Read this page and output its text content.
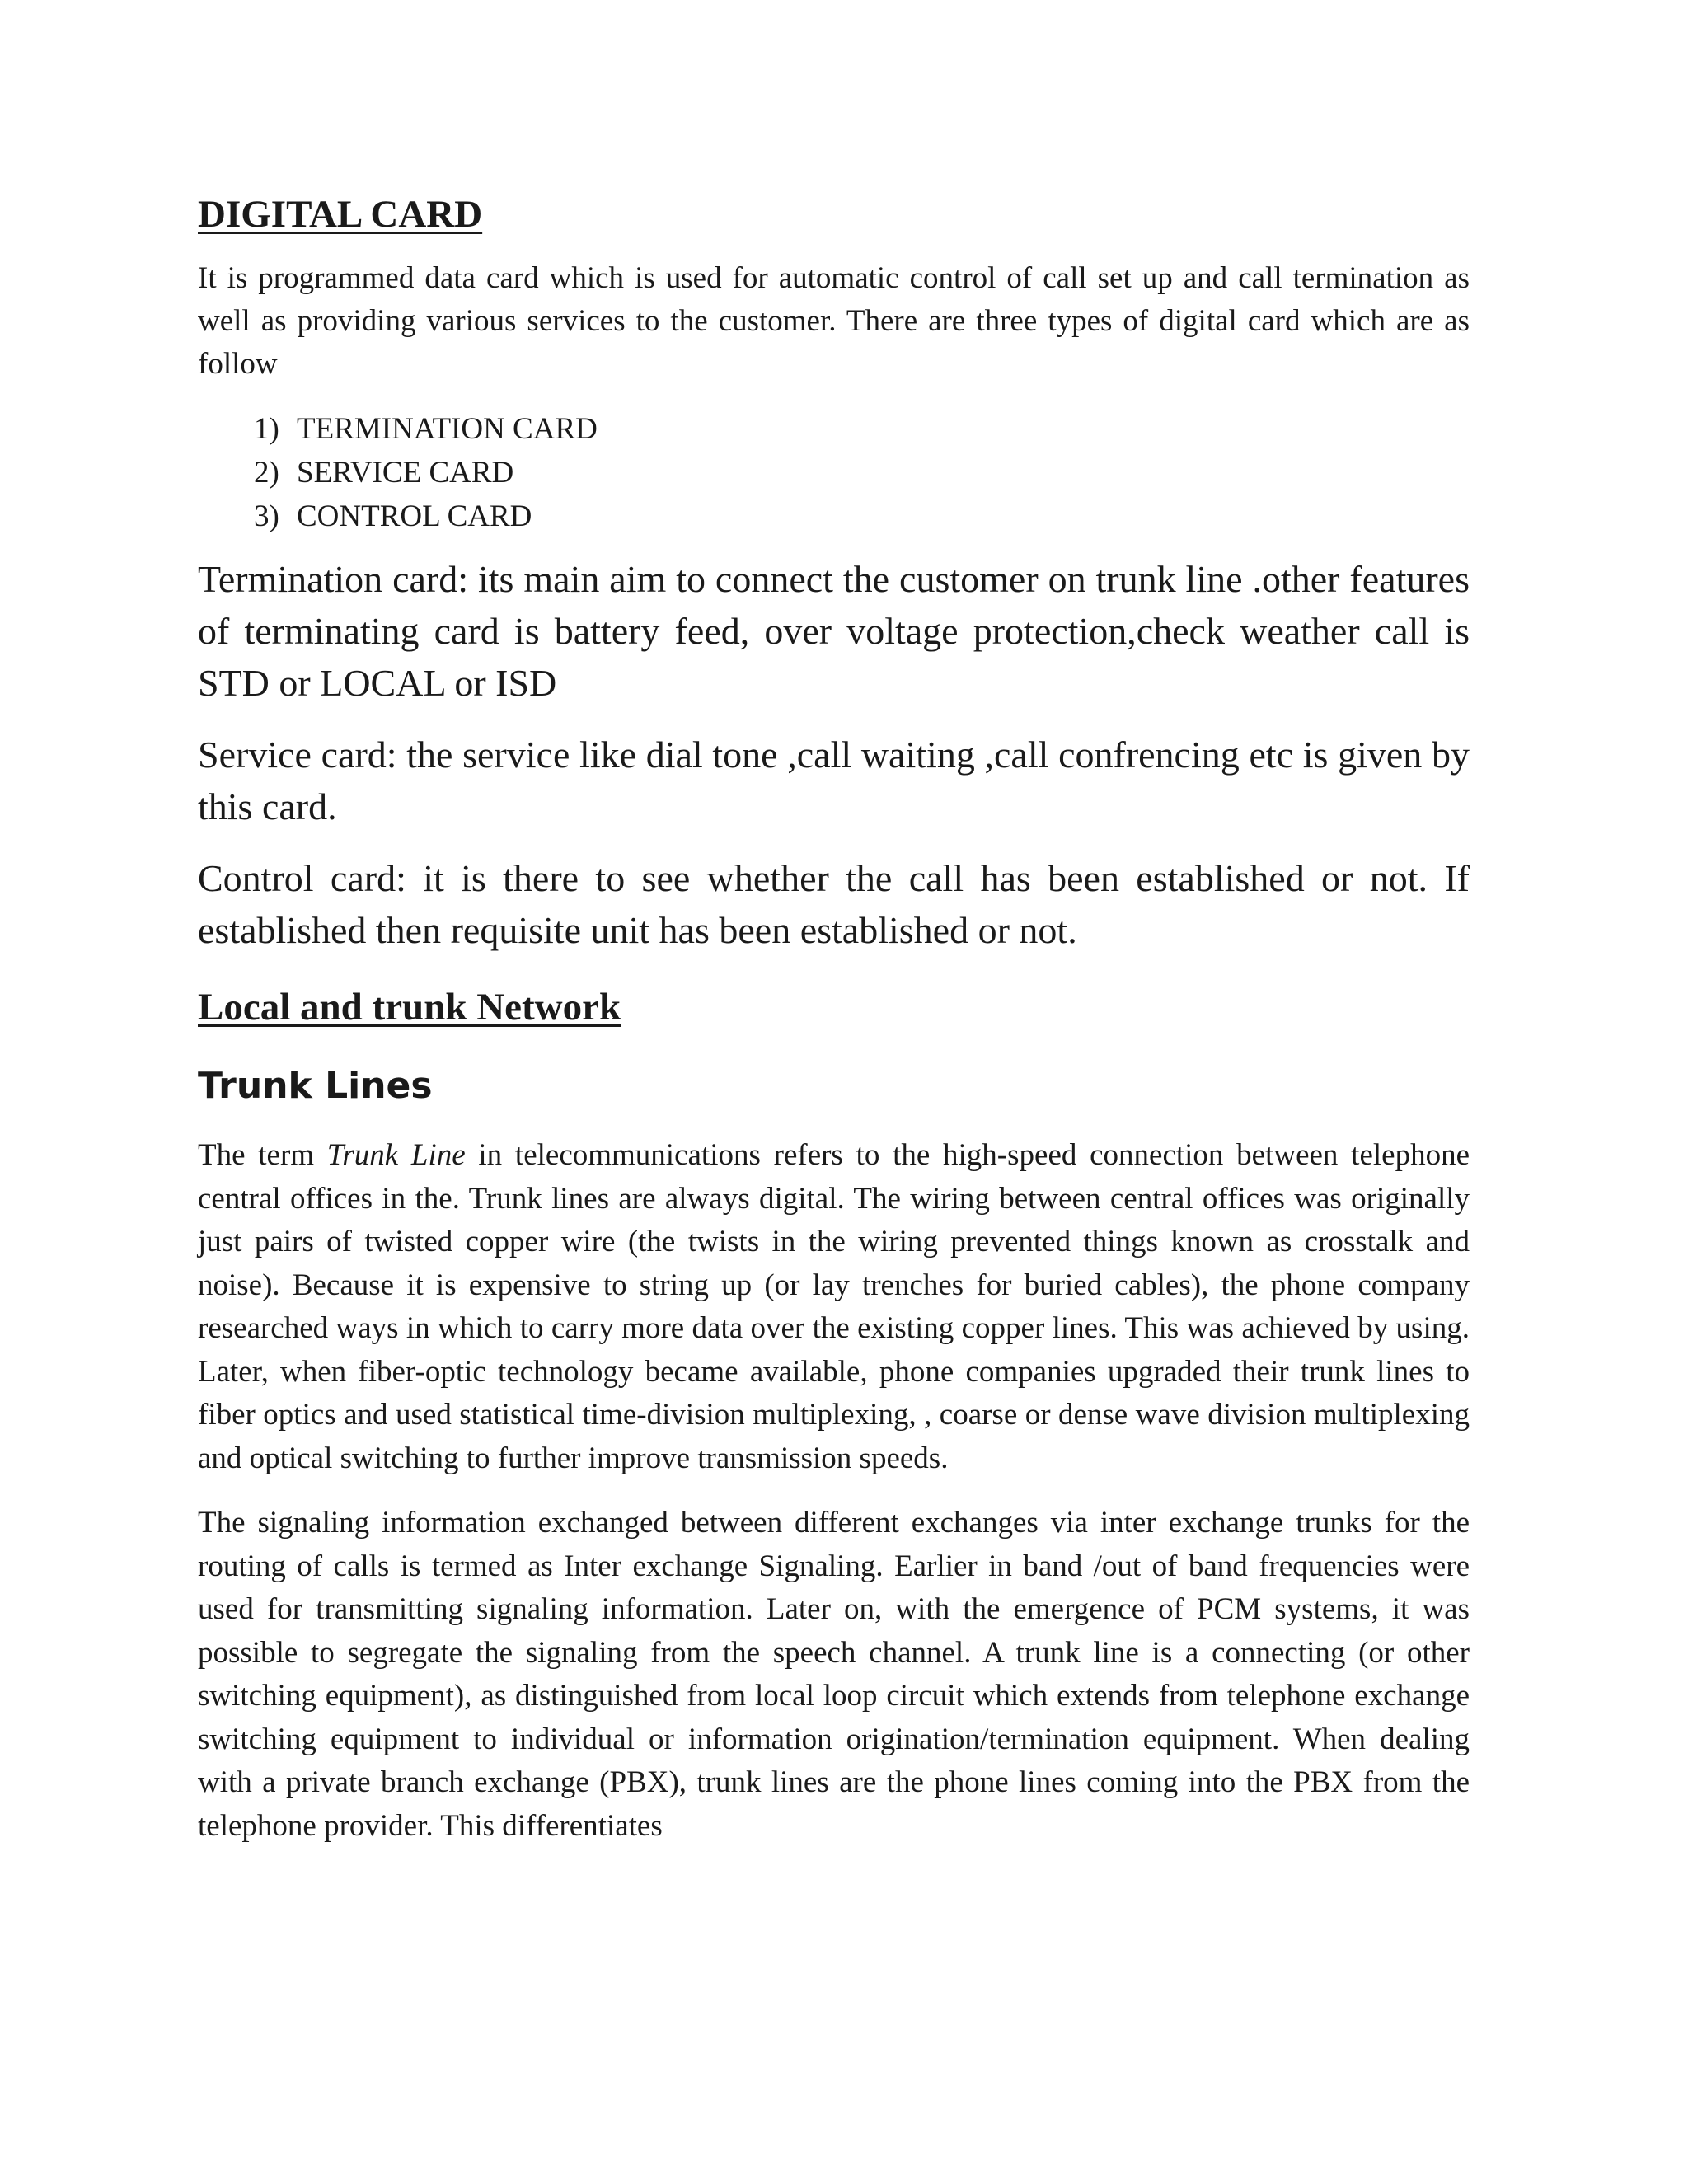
DIGITAL CARD

It is programmed data card which is used for automatic control of call set up and call termination as well as providing various services to the customer. There are three types of digital card which are as follow

1) TERMINATION CARD
2) SERVICE CARD
3) CONTROL CARD

Termination card: its main aim to connect the customer on trunk line .other features of terminating card is battery feed, over voltage protection,check weather call is STD or LOCAL or ISD

Service card: the service like dial tone ,call waiting ,call confrencing etc is given by this card.

Control card: it is there to see whether the call has been established or not. If established then requisite unit has been established or not.

Local and trunk Network
Trunk Lines

The term Trunk Line in telecommunications refers to the high-speed connection between telephone central offices in the. Trunk lines are always digital. The wiring between central offices was originally just pairs of twisted copper wire (the twists in the wiring prevented things known as crosstalk and noise). Because it is expensive to string up (or lay trenches for buried cables), the phone company researched ways in which to carry more data over the existing copper lines. This was achieved by using. Later, when fiber-optic technology became available, phone companies upgraded their trunk lines to fiber optics and used statistical time-division multiplexing, , coarse or dense wave division multiplexing and optical switching to further improve transmission speeds.

The signaling information exchanged between different exchanges via inter exchange trunks for the routing of calls is termed as Inter exchange Signaling. Earlier in band /out of band frequencies were used for transmitting signaling information. Later on, with the emergence of PCM systems, it was possible to segregate the signaling from the speech channel. A trunk line is a connecting (or other switching equipment), as distinguished from local loop circuit which extends from telephone exchange switching equipment to individual or information origination/termination equipment. When dealing with a private branch exchange (PBX), trunk lines are the phone lines coming into the PBX from the telephone provider. This differentiates
